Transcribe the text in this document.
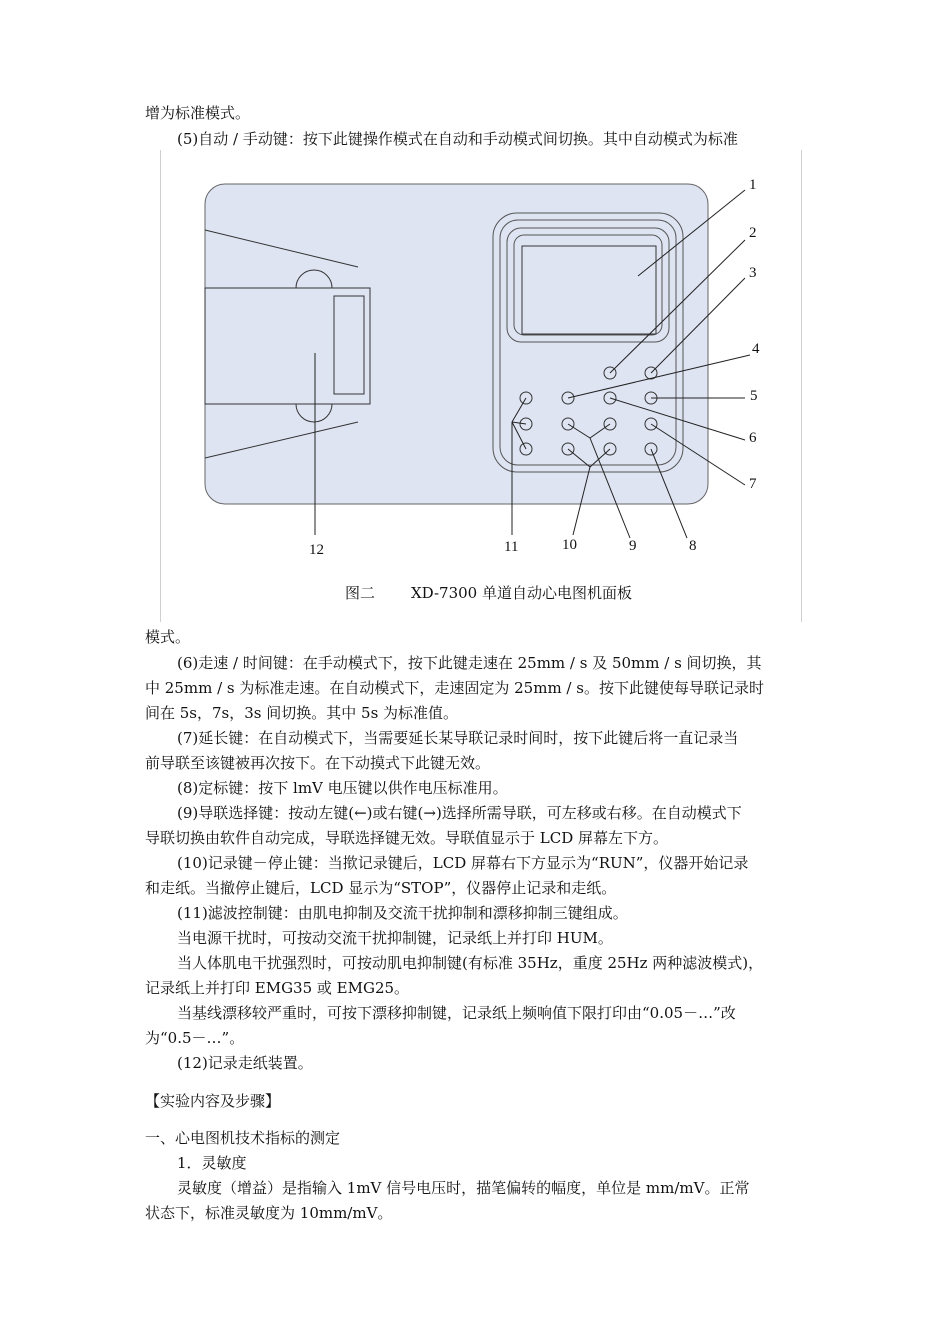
增为标准模式。

(5)自动 / 手动键：按下此键操作模式在自动和手动模式间切换。其中自动模式为标准

1
2
3
4
5
6
7
8
9
10
11
12
图二 XD-7300 单道自动心电图机面板

模式。

(6)走速 / 时间键：在手动模式下，按下此键走速在 25mm / s 及 50mm / s 间切换，其

中 25mm / s 为标准走速。在自动模式下，走速固定为 25mm / s。按下此键使每导联记录时

间在 5s，7s，3s 间切换。其中 5s 为标准值。

(7)延长键：在自动模式下，当需要延长某导联记录时间时，按下此键后将一直记录当

前导联至该键被再次按下。在下动摸式下此键无效。

(8)定标键：按下 lmV 电压键以供作电压标准用。

(9)导联选择键：按动左键(←)或右键(→)选择所需导联，可左移或右移。在自动模式下

导联切换由软件自动完成，导联选择键无效。导联值显示于 LCD 屏幕左下方。

(10)记录键－停止键：当揿记录键后，LCD 屏幕右下方显示为“RUN”，仪器开始记录

和走纸。当撤停止键后，LCD 显示为“STOP”，仪器停止记录和走纸。

(11)滤波控制键：由肌电抑制及交流干扰抑制和漂移抑制三键组成。

当电源干扰时，可按动交流干扰抑制键，记录纸上并打印 HUM。

当人体肌电干扰强烈时，可按动肌电抑制键(有标准 35Hz，重度 25Hz 两种滤波模式)，

记录纸上并打印 EMG35 或 EMG25。

当基线漂移较严重时，可按下漂移抑制键，记录纸上频响值下限打印由“0.05－…”改

为“0.5－…”。

(12)记录走纸装置。

【实验内容及步骤】

一、心电图机技术指标的测定

1．灵敏度

灵敏度（增益）是指输入 1mV 信号电压时，描笔偏转的幅度，单位是 mm/mV。正常

状态下，标准灵敏度为 10mm/mV。
